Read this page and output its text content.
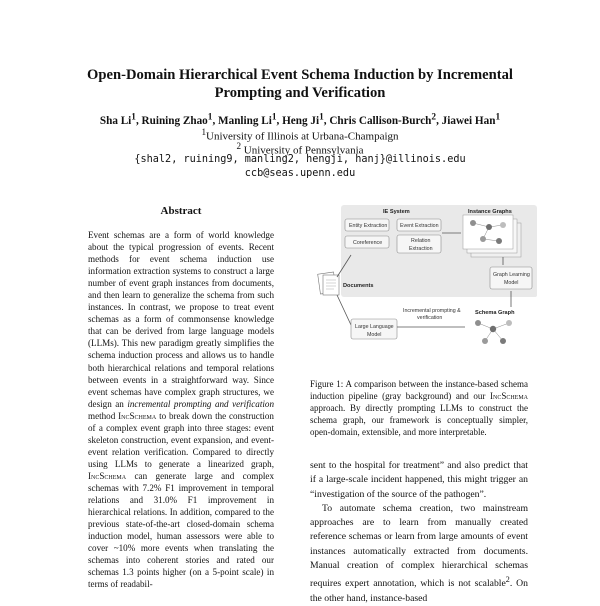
Open-Domain Hierarchical Event Schema Induction by Incremental
Prompting and Verification
Sha Li$^1$, Ruining Zhao$^1$, Manling Li$^1$, Heng Ji$^1$, Chris Callison-Burch$^2$, Jiawei Han$^1$
$^1$University of Illinois at Urbana-Champaign
$^2$ University of Pennsylvania
{shal2, ruining9, manling2, hengji, hanj}@illinois.edu
ccb@seas.upenn.edu
Abstract

Event schemas are a form of world knowledge about the typical progression of events. Recent methods for event schema induction use information extraction systems to construct a large number of event graph instances from documents, and then learn to generalize the schema from such instances. In contrast, we propose to treat event schemas as a form of commonsense knowledge that can be derived from large language models (LLMs). This new paradigm greatly simplifies the schema induction process and allows us to handle both hierarchical relations and temporal relations between events in a straightforward way. Since event schemas have complex graph structures, we design an incremental prompting and verification method IncSchema to break down the construction of a complex event graph into three stages: event skeleton construction, event expansion, and event-event relation verification. Compared to directly using LLMs to generate a linearized graph, IncSchema can generate large and complex schemas with 7.2% F1 improvement in temporal relations and 31.0% F1 improvement in hierarchical relations. In addition, compared to the previous state-of-the-art closed-domain schema induction model, human assessors were able to cover ~10% more events when translating the schemas into coherent stories and rated our schemas 1.3 points higher (on a 5-point scale) in terms of readabil-

IE System
Entity Extraction Event Extraction
Coreference	Relation
Extraction
Instance Graphs
Graph Learning
Model
Documents
Large Language
Model
Incremental prompting &
verification
Schema Graph
Figure 1: A comparison between the instance-based schema induction pipeline (gray background) and our IncSchema approach. By directly prompting LLMs to construct the schema graph, our framework is conceptually simpler, open-domain, extensible, and more interpretable.

sent to the hospital for treatment” and also predict that if a large-scale incident happened, this might trigger an “investigation of the source of the pathogen”.

To automate schema creation, two mainstream approaches are to learn from manually created reference schemas or learn from large amounts of event instances automatically extracted from documents. Manual creation of complex hierarchical schemas requires expert annotation, which is not scalable$^2$. On the other hand, instance-based
